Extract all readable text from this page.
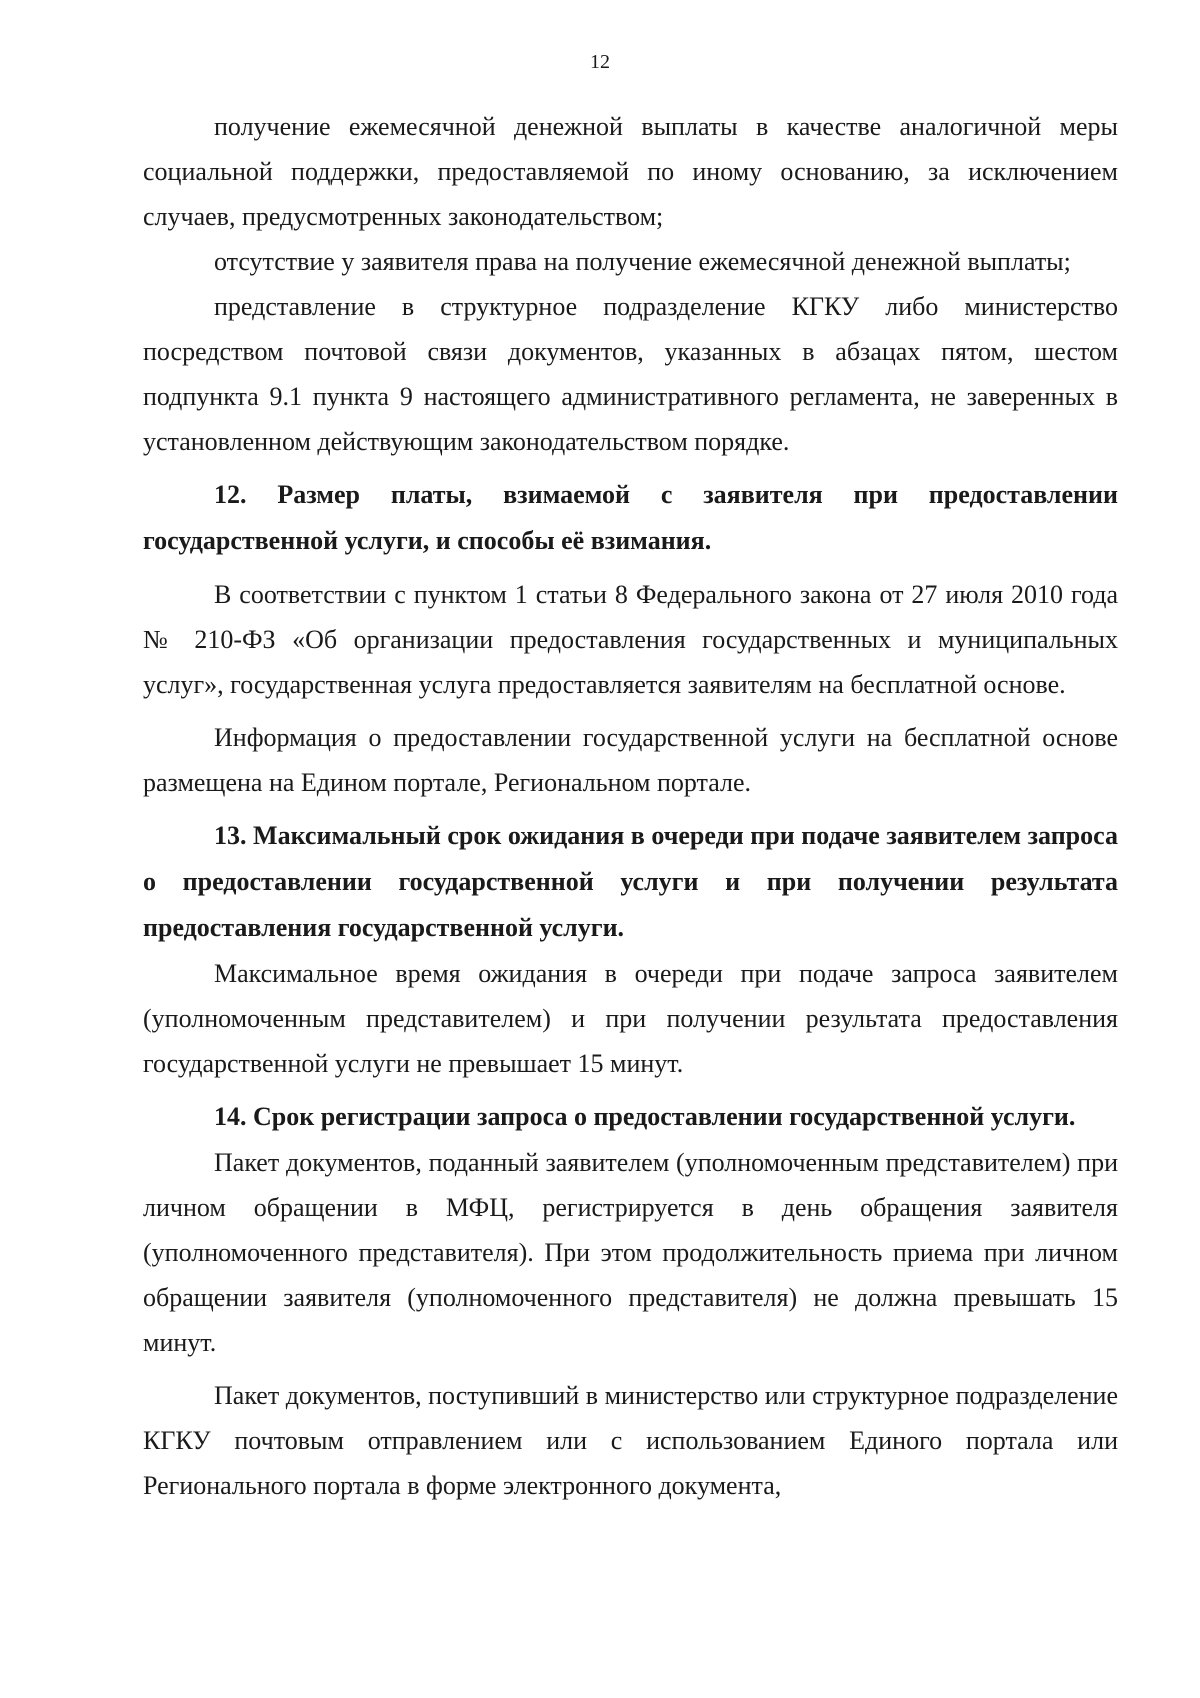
12

получение ежемесячной денежной выплаты в качестве аналогичной меры социальной поддержки, предоставляемой по иному основанию, за исключением случаев, предусмотренных законодательством;

отсутствие у заявителя права на получение ежемесячной денежной выплаты;

представление в структурное подразделение КГКУ либо министерство посредством почтовой связи документов, указанных в абзацах пятом, шестом подпункта 9.1 пункта 9 настоящего административного регламента, не заверенных в установленном действующим законодательством порядке.

12. Размер платы, взимаемой с заявителя при предоставлении государственной услуги, и способы её взимания.

В соответствии с пунктом 1 статьи 8 Федерального закона от 27 июля 2010 года № 210-ФЗ «Об организации предоставления государственных и муниципальных услуг», государственная услуга предоставляется заявителям на бесплатной основе.

Информация о предоставлении государственной услуги на бесплатной основе размещена на Едином портале, Региональном портале.

13. Максимальный срок ожидания в очереди при подаче заявителем запроса о предоставлении государственной услуги и при получении результата предоставления государственной услуги.

Максимальное время ожидания в очереди при подаче запроса заявителем (уполномоченным представителем) и при получении результата предоставления государственной услуги не превышает 15 минут.

14. Срок регистрации запроса о предоставлении государственной услуги.

Пакет документов, поданный заявителем (уполномоченным представителем) при личном обращении в МФЦ, регистрируется в день обращения заявителя (уполномоченного представителя). При этом продолжительность приема при личном обращении заявителя (уполномоченного представителя) не должна превышать 15 минут.

Пакет документов, поступивший в министерство или структурное подразделение КГКУ почтовым отправлением или с использованием Единого портала или Регионального портала в форме электронного документа,
